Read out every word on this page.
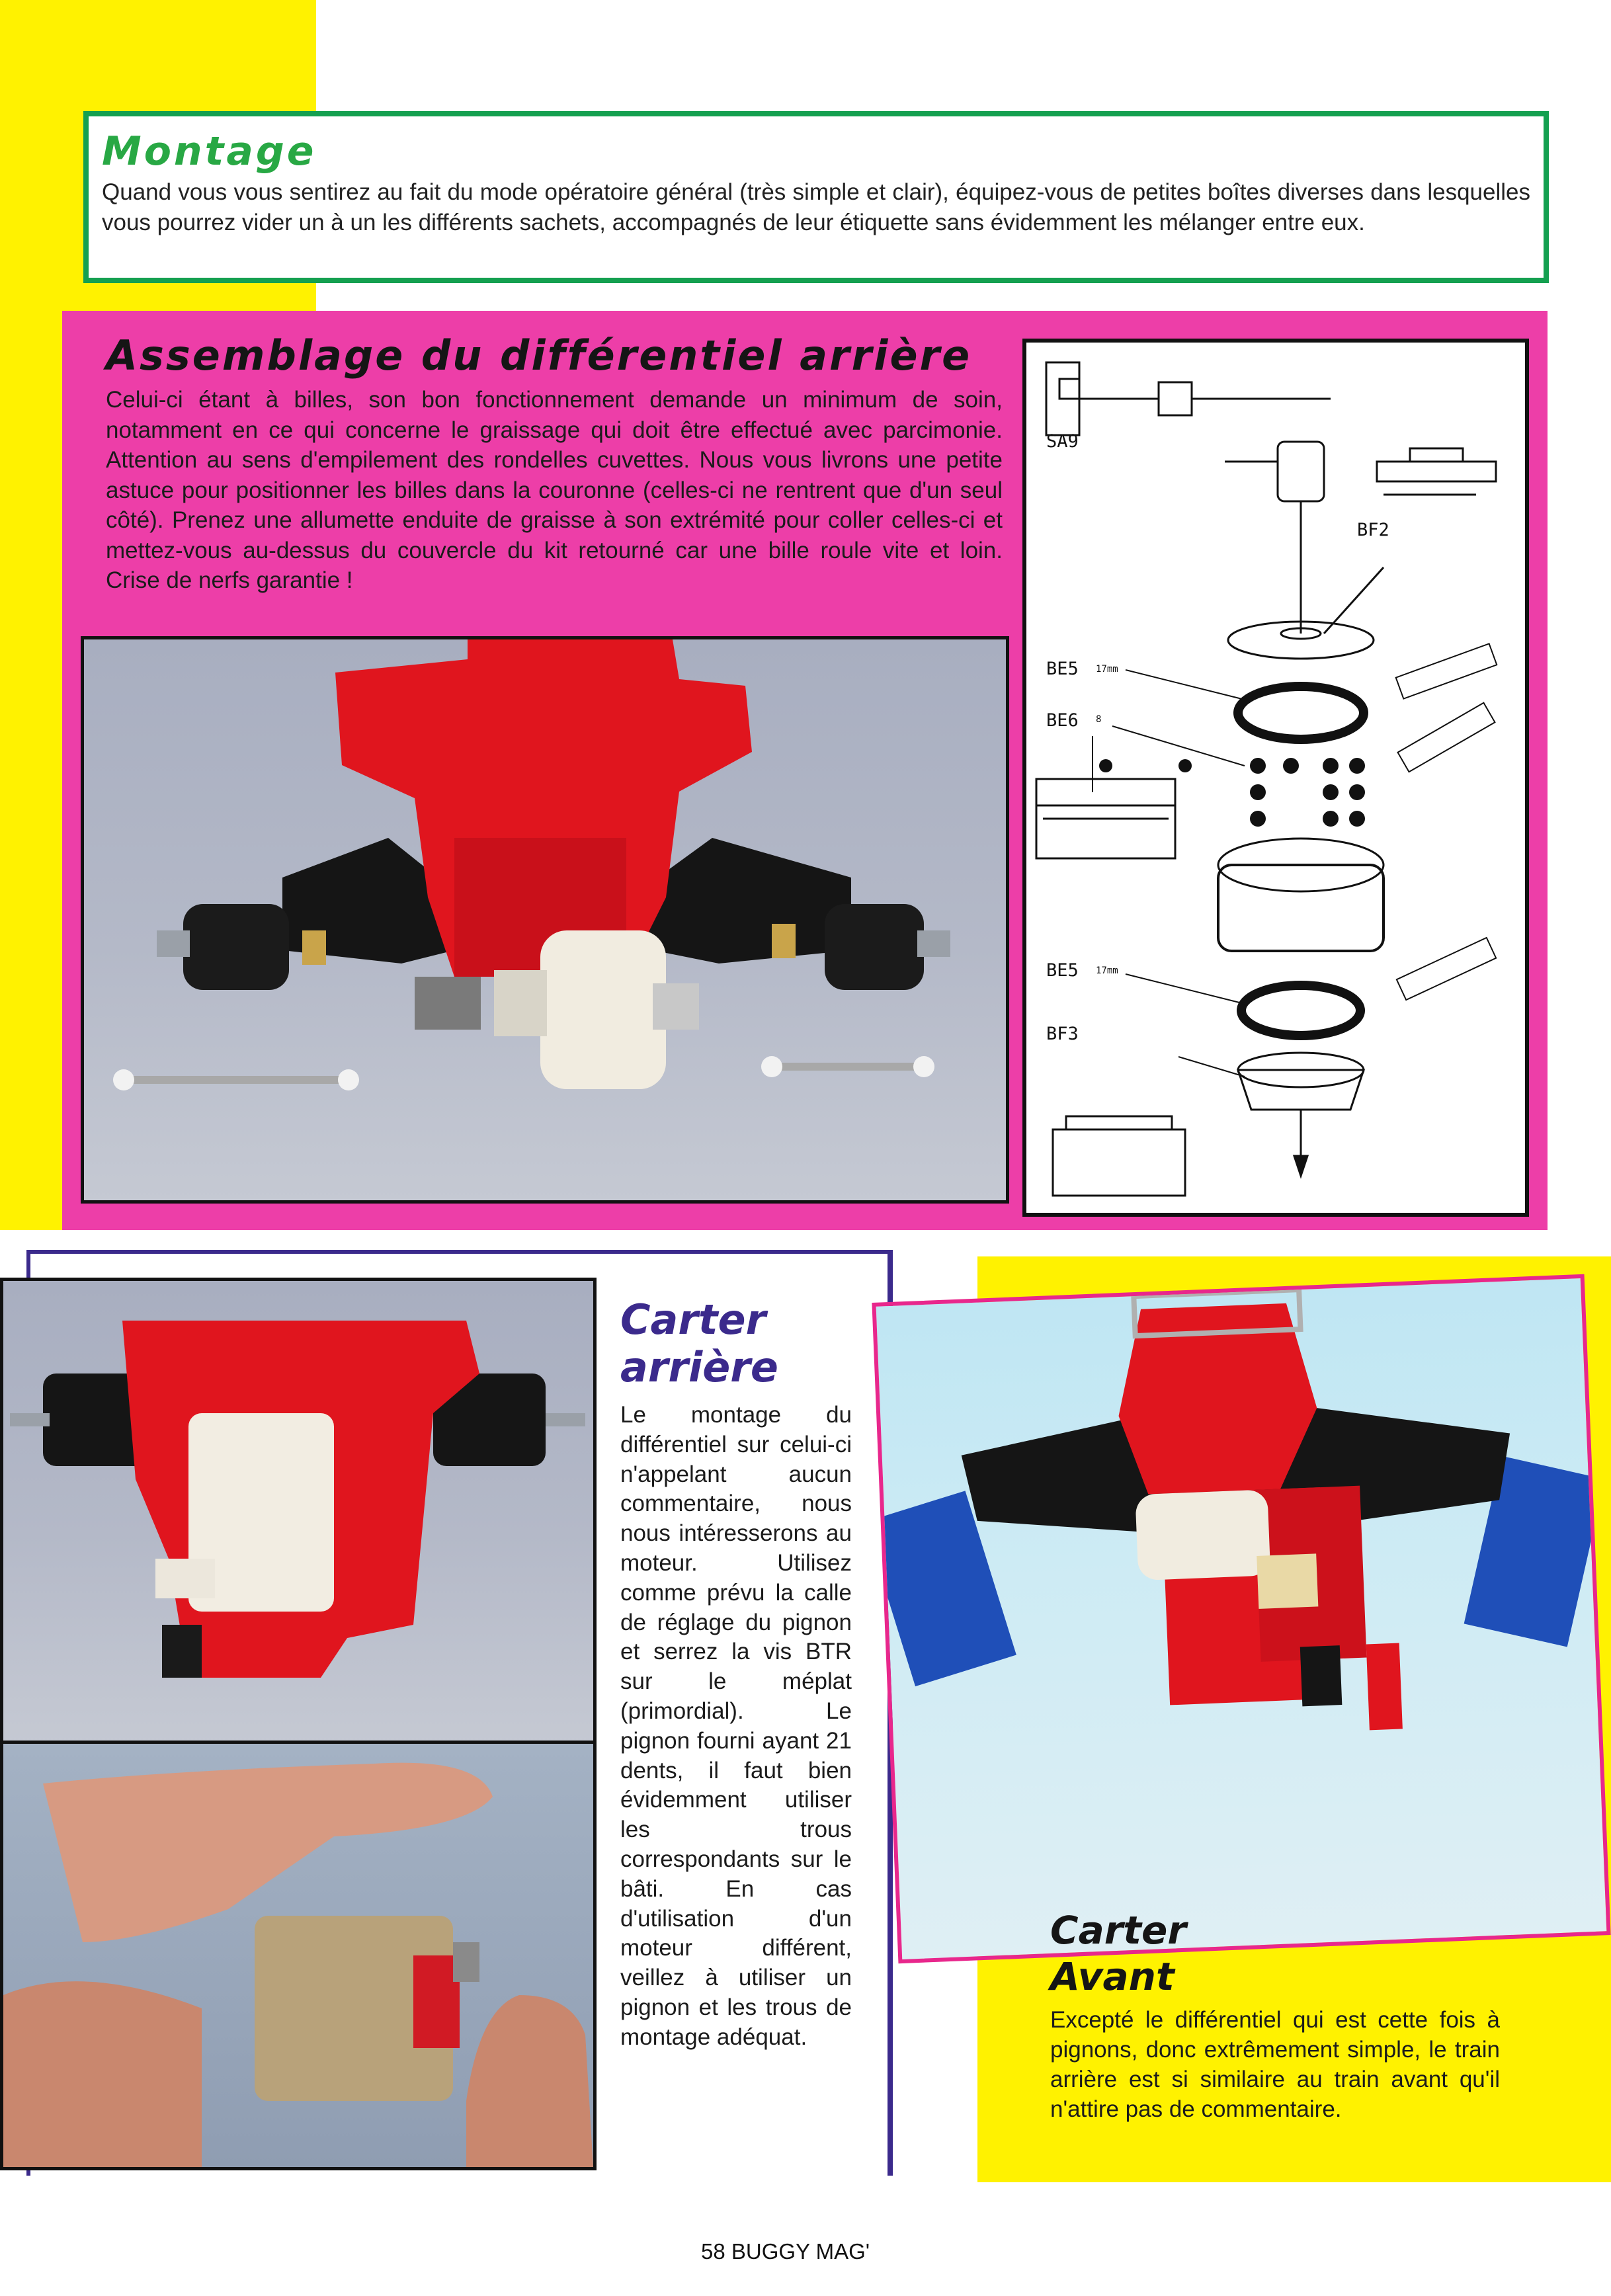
Montage
Quand vous vous sentirez au fait du mode opératoire général (très simple et clair), équipez-vous de petites boîtes diverses dans lesquelles vous pourrez vider un à un les différents sachets, accompagnés de leur étiquette sans évidemment les mélanger entre eux.
Assemblage du différentiel arrière
Celui-ci étant à billes, son bon fonctionnement demande un minimum de soin, notamment en ce qui concerne le graissage qui doit être effectué avec parcimonie. Attention au sens d'empilement des rondelles cuvettes. Nous vous livrons une petite astuce pour positionner les billes dans la couronne (celles-ci ne rentrent que d'un seul côté). Prenez une allumette enduite de graisse à son extrémité pour coller celles-ci et mettez-vous au-dessus du couvercle du kit retourné car une bille roule vite et loin. Crise de nerfs garantie !
SA9
BF2
BE5 17mm
BE6 8
BE5 17mm
BF3
Carter
arrière
Le montage du différentiel sur celui-ci n'appelant aucun commentaire, nous nous intéresserons au moteur. Utilisez comme prévu la calle de réglage du pignon et serrez la vis BTR sur le méplat (primordial). Le pignon fourni ayant 21 dents, il faut bien évidemment utiliser les trous correspondants sur le bâti. En cas d'utilisation d'un moteur différent, veillez à utiliser un pignon et les trous de montage adéquat.
Carter
Avant
Excepté le différentiel qui est cette fois à pignons, donc extrêmement simple, le train arrière est si similaire au train avant qu'il n'attire pas de commentaire.
58 BUGGY MAG'
